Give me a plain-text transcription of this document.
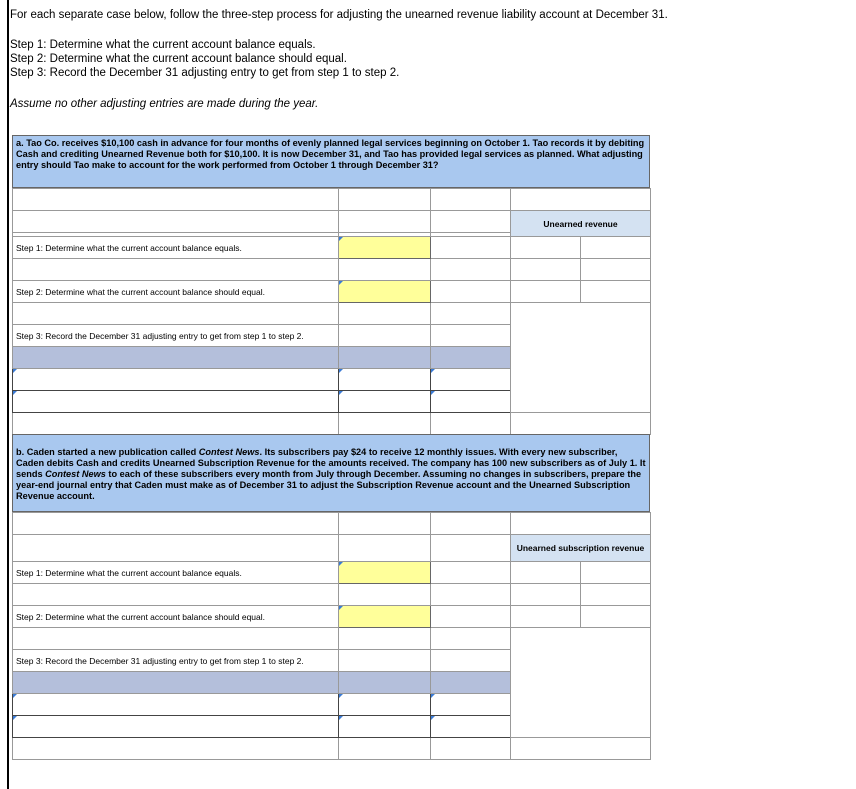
For each separate case below, follow the three-step process for adjusting the unearned revenue liability account at December 31.
Step 1: Determine what the current account balance equals.
Step 2: Determine what the current account balance should equal.
Step 3: Record the December 31 adjusting entry to get from step 1 to step 2.
Assume no other adjusting entries are made during the year.
a. Tao Co. receives $10,100 cash in advance for four months of evenly planned legal services beginning on October 1. Tao records it by debiting Cash and crediting Unearned Revenue both for $10,100. It is now December 31, and Tao has provided legal services as planned. What adjusting entry should Tao make to account for the work performed from October 1 through December 31?

			Unearned revenue	
Step 1: Determine what the current account balance equals.	

Step 2: Determine what the current account balance should equal.	

Step 3: Record the December 31 adjusting entry to get from step 1 to step 2.				

b. Caden started a new publication called Contest News. Its subscribers pay $24 to receive 12 monthly issues. With every new subscriber, Caden debits Cash and credits Unearned Subscription Revenue for the amounts received. The company has 100 new subscribers as of July 1. It sends Contest News to each of these subscribers every month from July through December. Assuming no changes in subscribers, prepare the year-end journal entry that Caden must make as of December 31 to adjust the Subscription Revenue account and the Unearned Subscription Revenue account.

			Unearned subscription revenue	
Step 1: Determine what the current account balance equals.	

Step 2: Determine what the current account balance should equal.	

Step 3: Record the December 31 adjusting entry to get from step 1 to step 2.				
